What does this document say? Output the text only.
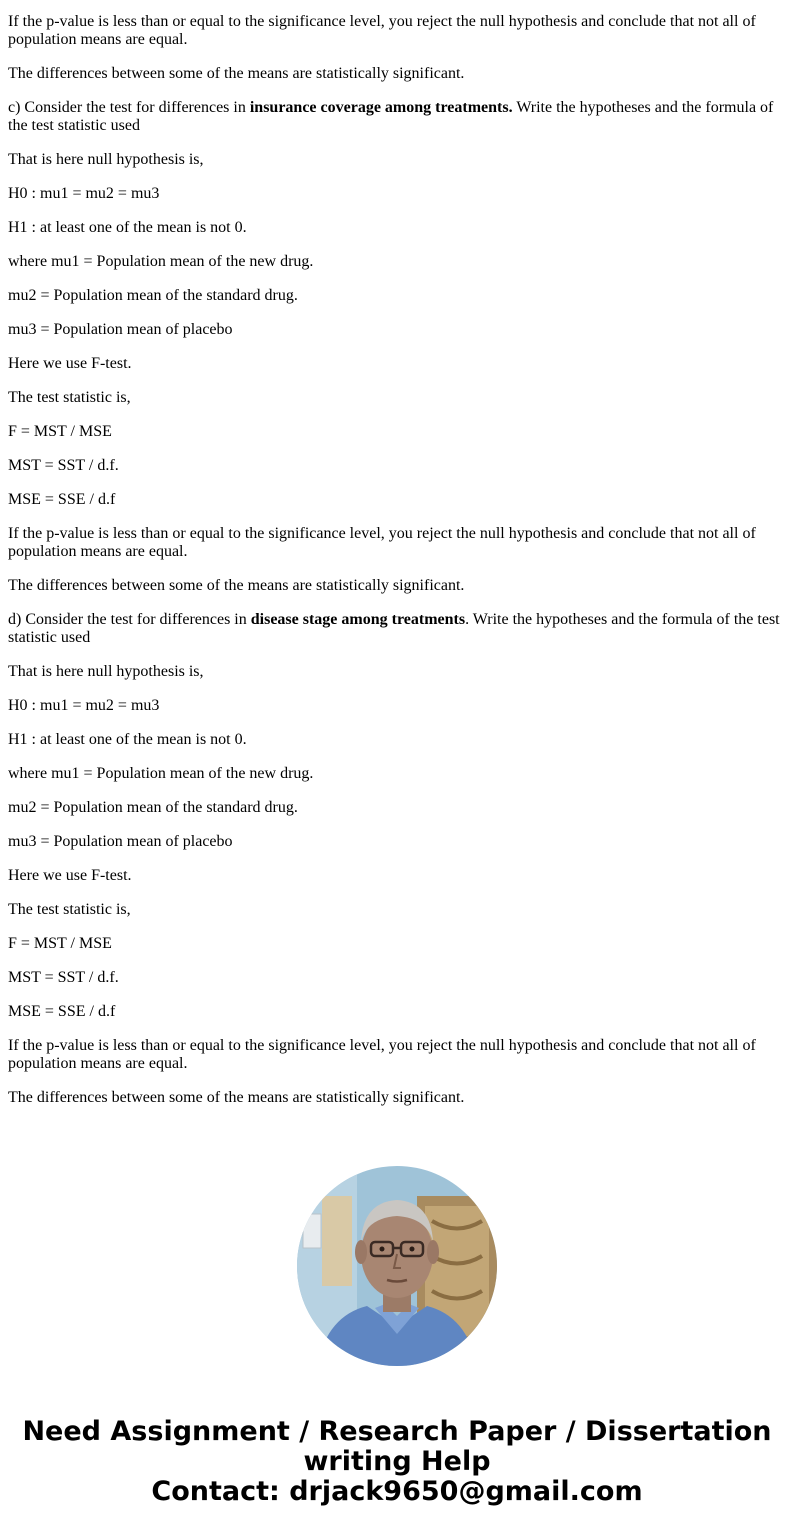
If the p-value is less than or equal to the significance level, you reject the null hypothesis and conclude that not all of population means are equal.

The differences between some of the means are statistically significant.

c) Consider the test for differences in insurance coverage among treatments. Write the hypotheses and the formula of the test statistic used

That is here null hypothesis is,

H0 : mu1 = mu2 = mu3

H1 : at least one of the mean is not 0.

where mu1 = Population mean of the new drug.

mu2 = Population mean of the standard drug.

mu3 = Population mean of placebo

Here we use F-test.

The test statistic is,

F = MST / MSE

MST = SST / d.f.

MSE = SSE / d.f

If the p-value is less than or equal to the significance level, you reject the null hypothesis and conclude that not all of population means are equal.

The differences between some of the means are statistically significant.

d) Consider the test for differences in disease stage among treatments. Write the hypotheses and the formula of the test statistic used

That is here null hypothesis is,

H0 : mu1 = mu2 = mu3

H1 : at least one of the mean is not 0.

where mu1 = Population mean of the new drug.

mu2 = Population mean of the standard drug.

mu3 = Population mean of placebo

Here we use F-test.

The test statistic is,

F = MST / MSE

MST = SST / d.f.

MSE = SSE / d.f

If the p-value is less than or equal to the significance level, you reject the null hypothesis and conclude that not all of population means are equal.

The differences between some of the means are statistically significant.

Need Assignment / Research Paper / Dissertation
writing Help
Contact: drjack9650@gmail.com
